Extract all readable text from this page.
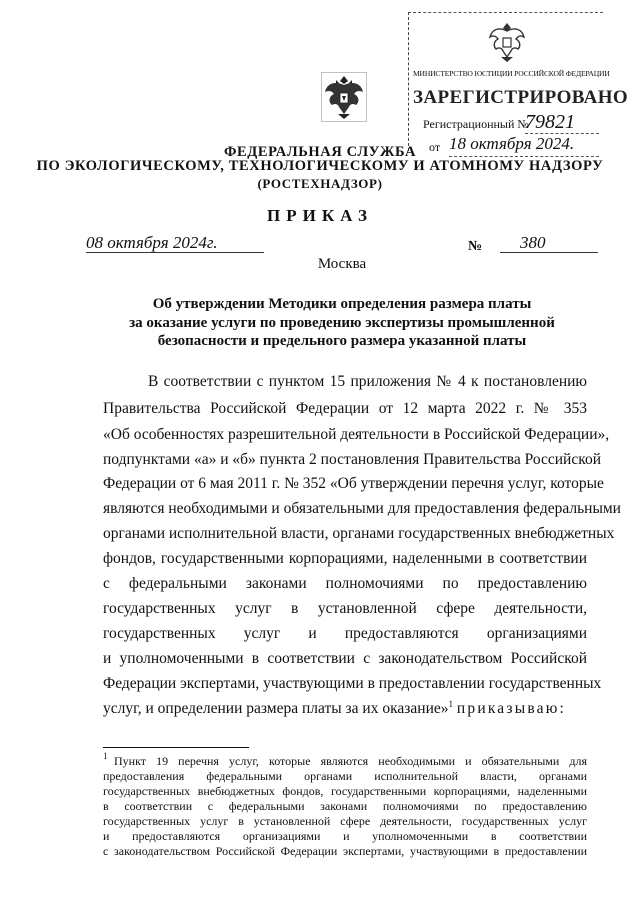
МИНИСТЕРСТВО ЮСТИЦИИ РОССИЙСКОЙ ФЕДЕРАЦИИ
ЗАРЕГИСТРИРОВАНО
Регистрационный №
79821
от 18 октября 2024.
ФЕДЕРАЛЬНАЯ СЛУЖБА
ПО ЭКОЛОГИЧЕСКОМУ, ТЕХНОЛОГИЧЕСКОМУ И АТОМНОМУ НАДЗОРУ
(РОСТЕХНАДЗОР)
ПРИКАЗ
08 октября 2024г.	№ 380
Москва
Об утверждении Методики определения размера платы
за оказание услуги по проведению экспертизы промышленной
безопасности и предельного размера указанной платы
В соответствии с пунктом 15 приложения № 4 к постановлению
Правительства Российской Федерации от 12 марта 2022 г. № 353
«Об особенностях разрешительной деятельности в Российской Федерации»,
подпунктами «а» и «б» пункта 2 постановления Правительства Российской
Федерации от 6 мая 2011 г. № 352 «Об утверждении перечня услуг, которые
являются необходимыми и обязательными для предоставления федеральными
органами исполнительной власти, органами государственных внебюджетных
фондов, государственными корпорациями, наделенными в соответствии
с федеральными законами полномочиями по предоставлению
государственных услуг в установленной сфере деятельности,
государственных услуг и предоставляются организациями
и уполномоченными в соответствии с законодательством Российской
Федерации экспертами, участвующими в предоставлении государственных
услуг, и определении размера платы за их оказание»$^1$ приказываю:
1 Пункт 19 перечня услуг, которые являются необходимыми и обязательными для
предоставления федеральными органами исполнительной власти, органами
государственных внебюджетных фондов, государственными корпорациями, наделенными
в соответствии с федеральными законами полномочиями по предоставлению
государственных услуг в установленной сфере деятельности, государственных услуг
и предоставляются организациями и уполномоченными в соответствии
с законодательством Российской Федерации экспертами, участвующими в предоставлении
